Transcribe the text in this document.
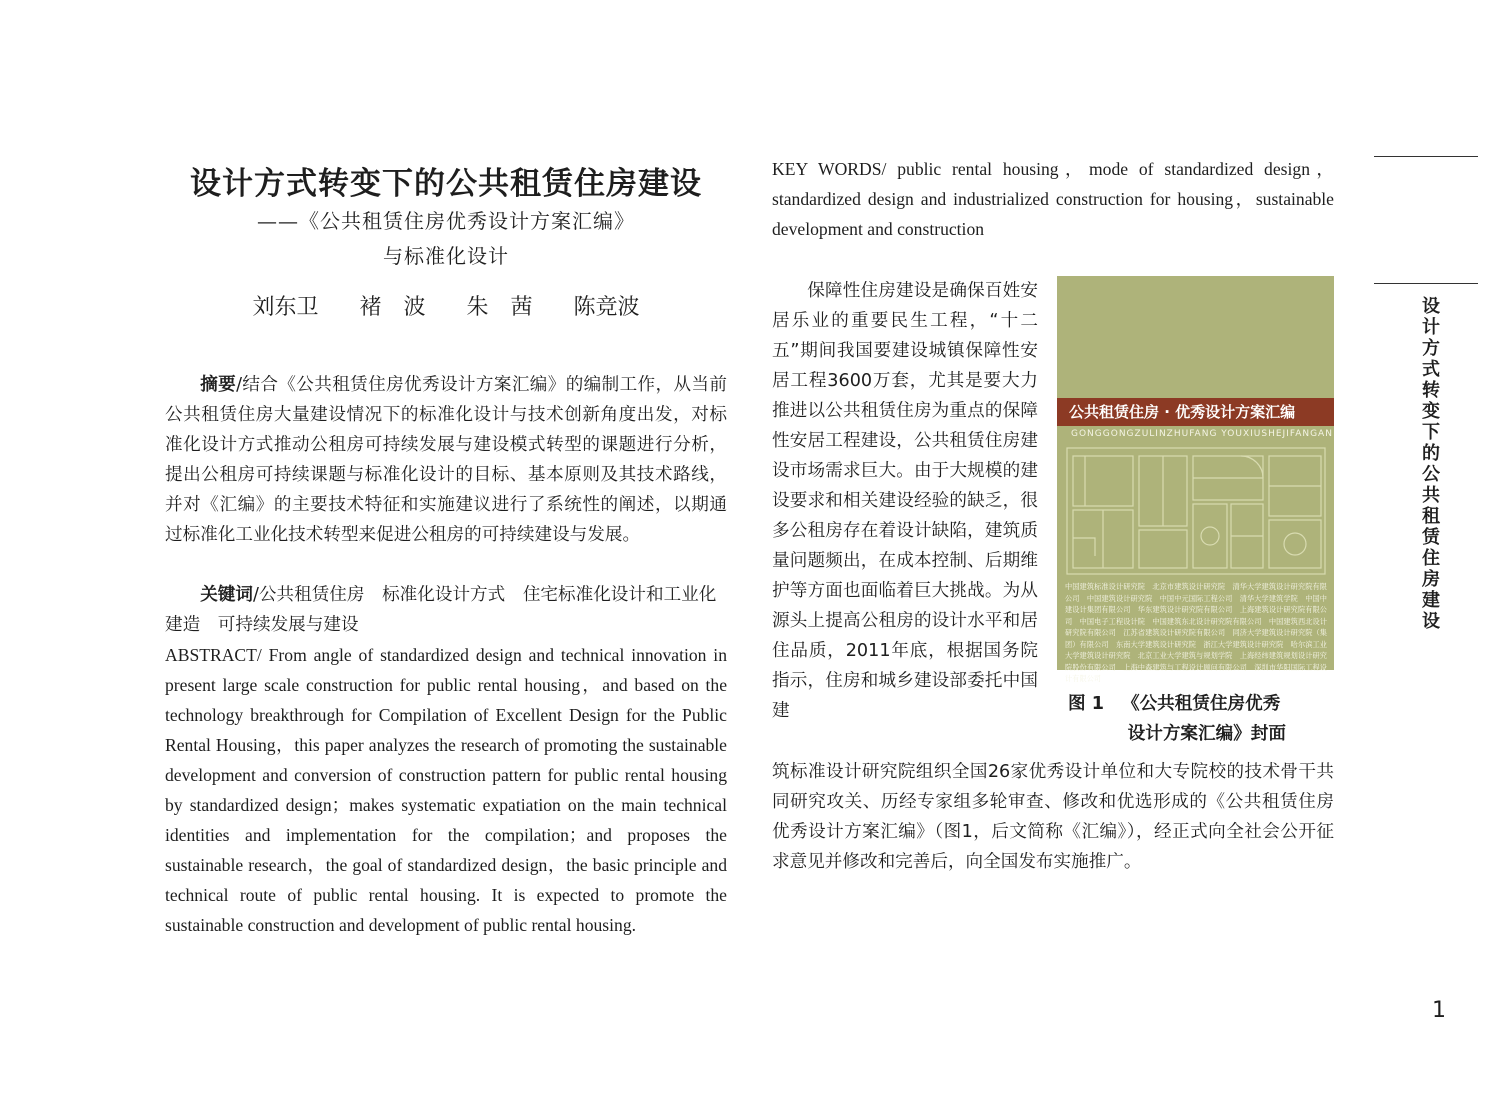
设计方式转变下的公共租赁住房建设
——《公共租赁住房优秀设计方案汇编》
与标准化设计
刘东卫 褚　波 朱　茜 陈竞波

摘要/结合《公共租赁住房优秀设计方案汇编》的编制工作，从当前公共租赁住房大量建设情况下的标准化设计与技术创新角度出发，对标准化设计方式推动公租房可持续发展与建设模式转型的课题进行分析，提出公租房可持续课题与标准化设计的目标、基本原则及其技术路线，并对《汇编》的主要技术特征和实施建议进行了系统性的阐述，以期通过标准化工业化技术转型来促进公租房的可持续建设与发展。

关键词/公共租赁住房　标准化设计方式　住宅标准化设计和工业化建造　可持续发展与建设

ABSTRACT/ From angle of standardized design and technical innovation in present large scale construction for public rental housing，and based on the technology breakthrough for Compilation of Excellent Design for the Public Rental Housing，this paper analyzes the research of promoting the sustainable development and conversion of construction pattern for public rental housing by standardized design；makes systematic expatiation on the main technical identities and implementation for the compilation；and proposes the sustainable research，the goal of standardized design，the basic principle and technical route of public rental housing. It is expected to promote the sustainable construction and development of public rental housing.

KEY WORDS/ public rental housing，mode of standardized design，standardized design and industrialized construction for housing，sustainable development and construction

保障性住房建设是确保百姓安居乐业的重要民生工程，“十二五”期间我国要建设城镇保障性安居工程3600万套，尤其是要大力推进以公共租赁住房为重点的保障性安居工程建设，公共租赁住房建设市场需求巨大。由于大规模的建设要求和相关建设经验的缺乏，很多公租房存在着设计缺陷，建筑质量问题频出，在成本控制、后期维护等方面也面临着巨大挑战。为从源头上提高公租房的设计水平和居住品质，2011年底，根据国务院指示，住房和城乡建设部委托中国建

公共租赁住房 · 优秀设计方案汇编
GONGGONGZULINZHUFANG YOUXIUSHEJIFANGAN

中国建筑标准设计研究院　北京市建筑设计研究院　清华大学建筑设计研究院有限公司　中国建筑设计研究院　中国中元国际工程公司　清华大学建筑学院　中国中建设计集团有限公司　华东建筑设计研究院有限公司　上海建筑设计研究院有限公司　中国电子工程设计院　中国建筑东北设计研究院有限公司　中国建筑西北设计研究院有限公司　江苏省建筑设计研究院有限公司　同济大学建筑设计研究院（集团）有限公司　东南大学建筑设计研究院　浙江大学建筑设计研究院　哈尔滨工业大学建筑设计研究院　北京工业大学建筑与规划学院　上海经纬建筑规划设计研究院股份有限公司　上海中森建筑与工程设计顾问有限公司　深圳市华阳国际工程设计有限公司

图 1 《公共租赁住房优秀
设计方案汇编》封面

筑标准设计研究院组织全国26家优秀设计单位和大专院校的技术骨干共同研究攻关、历经专家组多轮审查、修改和优选形成的《公共租赁住房优秀设计方案汇编》（图1，后文简称《汇编》），经正式向全社会公开征求意见并修改和完善后，向全国发布实施推广。

设计方式转变下的公共租赁住房建设
1
